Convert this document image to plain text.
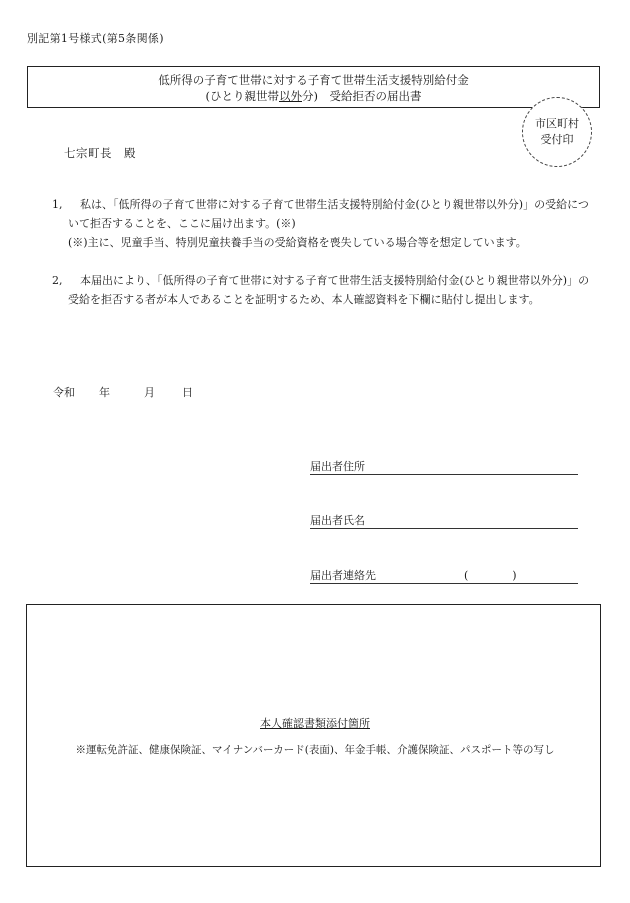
別記第1号様式(第5条関係)
低所得の子育て世帯に対する子育て世帯生活支援特別給付金
(ひとり親世帯以外分)　受給拒否の届出書
市区町村
受付印
七宗町長　殿
1,	私は、「低所得の子育て世帯に対する子育て世帯生活支援特別給付金(ひとり親世帯以外分)」の受給について拒否することを、ここに届け出ます。(※)
(※)主に、児童手当、特別児童扶養手当の受給資格を喪失している場合等を想定しています。
2,	本届出により、「低所得の子育て世帯に対する子育て世帯生活支援特別給付金(ひとり親世帯以外分)」の受給を拒否する者が本人であることを証明するため、本人確認資料を下欄に貼付し提出します。
令和 年	月 日
届出者住所
届出者氏名
届出者連絡先	(　　　　)
本人確認書類添付箇所
※運転免許証、健康保険証、マイナンバーカード(表面)、年金手帳、介護保険証、パスポート等の写し
